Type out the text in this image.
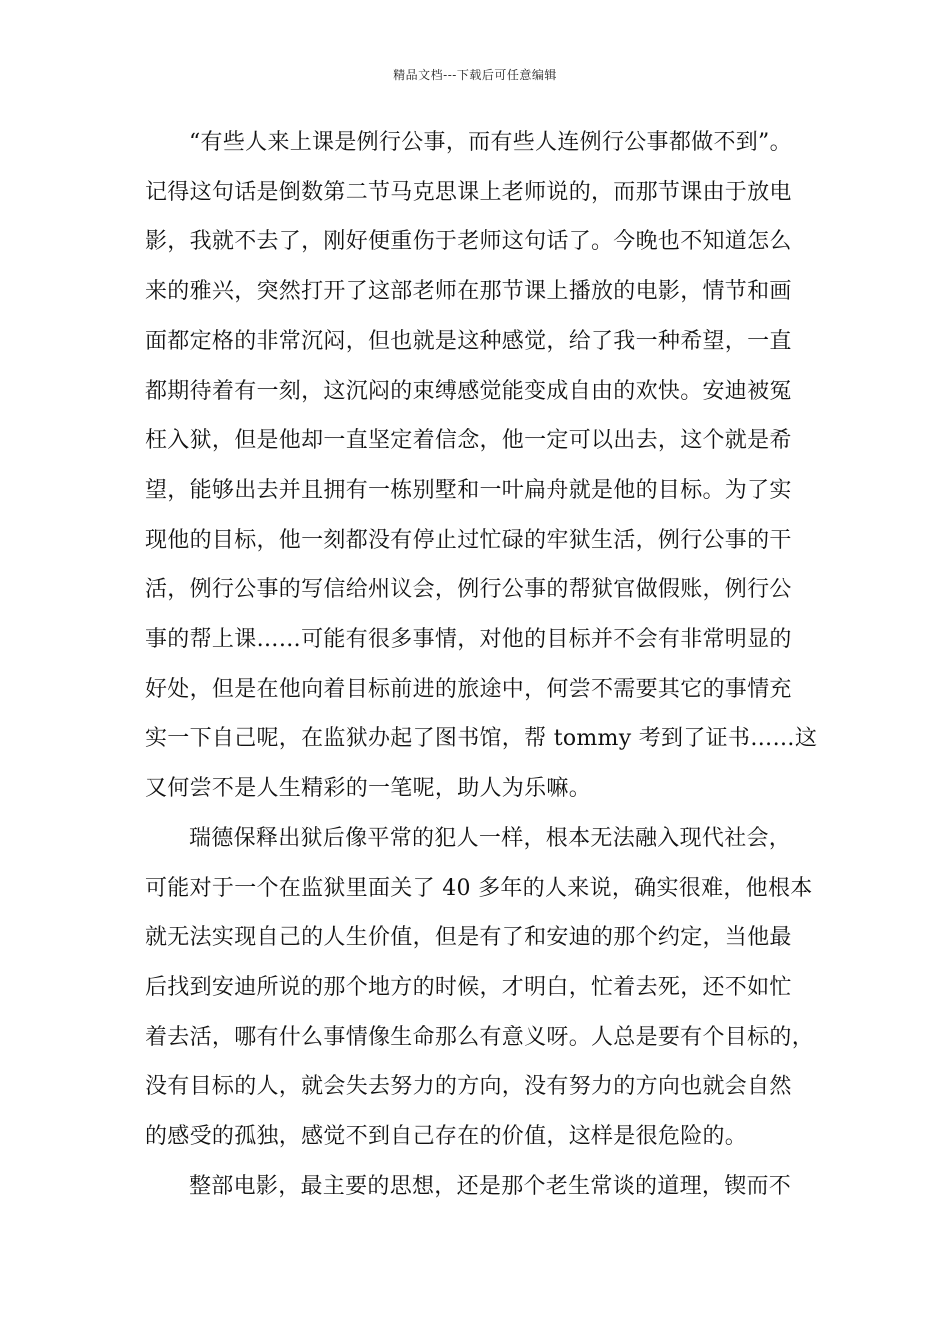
精品文档---下载后可任意编辑
“有些人来上课是例行公事，而有些人连例行公事都做不到”。
记得这句话是倒数第二节马克思课上老师说的，而那节课由于放电
影，我就不去了，刚好便重伤于老师这句话了。今晚也不知道怎么
来的雅兴，突然打开了这部老师在那节课上播放的电影，情节和画
面都定格的非常沉闷，但也就是这种感觉，给了我一种希望，一直
都期待着有一刻，这沉闷的束缚感觉能变成自由的欢快。安迪被冤
枉入狱，但是他却一直坚定着信念，他一定可以出去，这个就是希
望，能够出去并且拥有一栋别墅和一叶扁舟就是他的目标。为了实
现他的目标，他一刻都没有停止过忙碌的牢狱生活，例行公事的干
活，例行公事的写信给州议会，例行公事的帮狱官做假账，例行公
事的帮上课……可能有很多事情，对他的目标并不会有非常明显的
好处，但是在他向着目标前进的旅途中，何尝不需要其它的事情充
实一下自己呢，在监狱办起了图书馆，帮 tommy 考到了证书……这
又何尝不是人生精彩的一笔呢，助人为乐嘛。
瑞德保释出狱后像平常的犯人一样，根本无法融入现代社会，
可能对于一个在监狱里面关了 40 多年的人来说，确实很难，他根本
就无法实现自己的人生价值，但是有了和安迪的那个约定，当他最
后找到安迪所说的那个地方的时候，才明白，忙着去死，还不如忙
着去活，哪有什么事情像生命那么有意义呀。人总是要有个目标的，
没有目标的人，就会失去努力的方向，没有努力的方向也就会自然
的感受的孤独，感觉不到自己存在的价值，这样是很危险的。
整部电影，最主要的思想，还是那个老生常谈的道理，锲而不
